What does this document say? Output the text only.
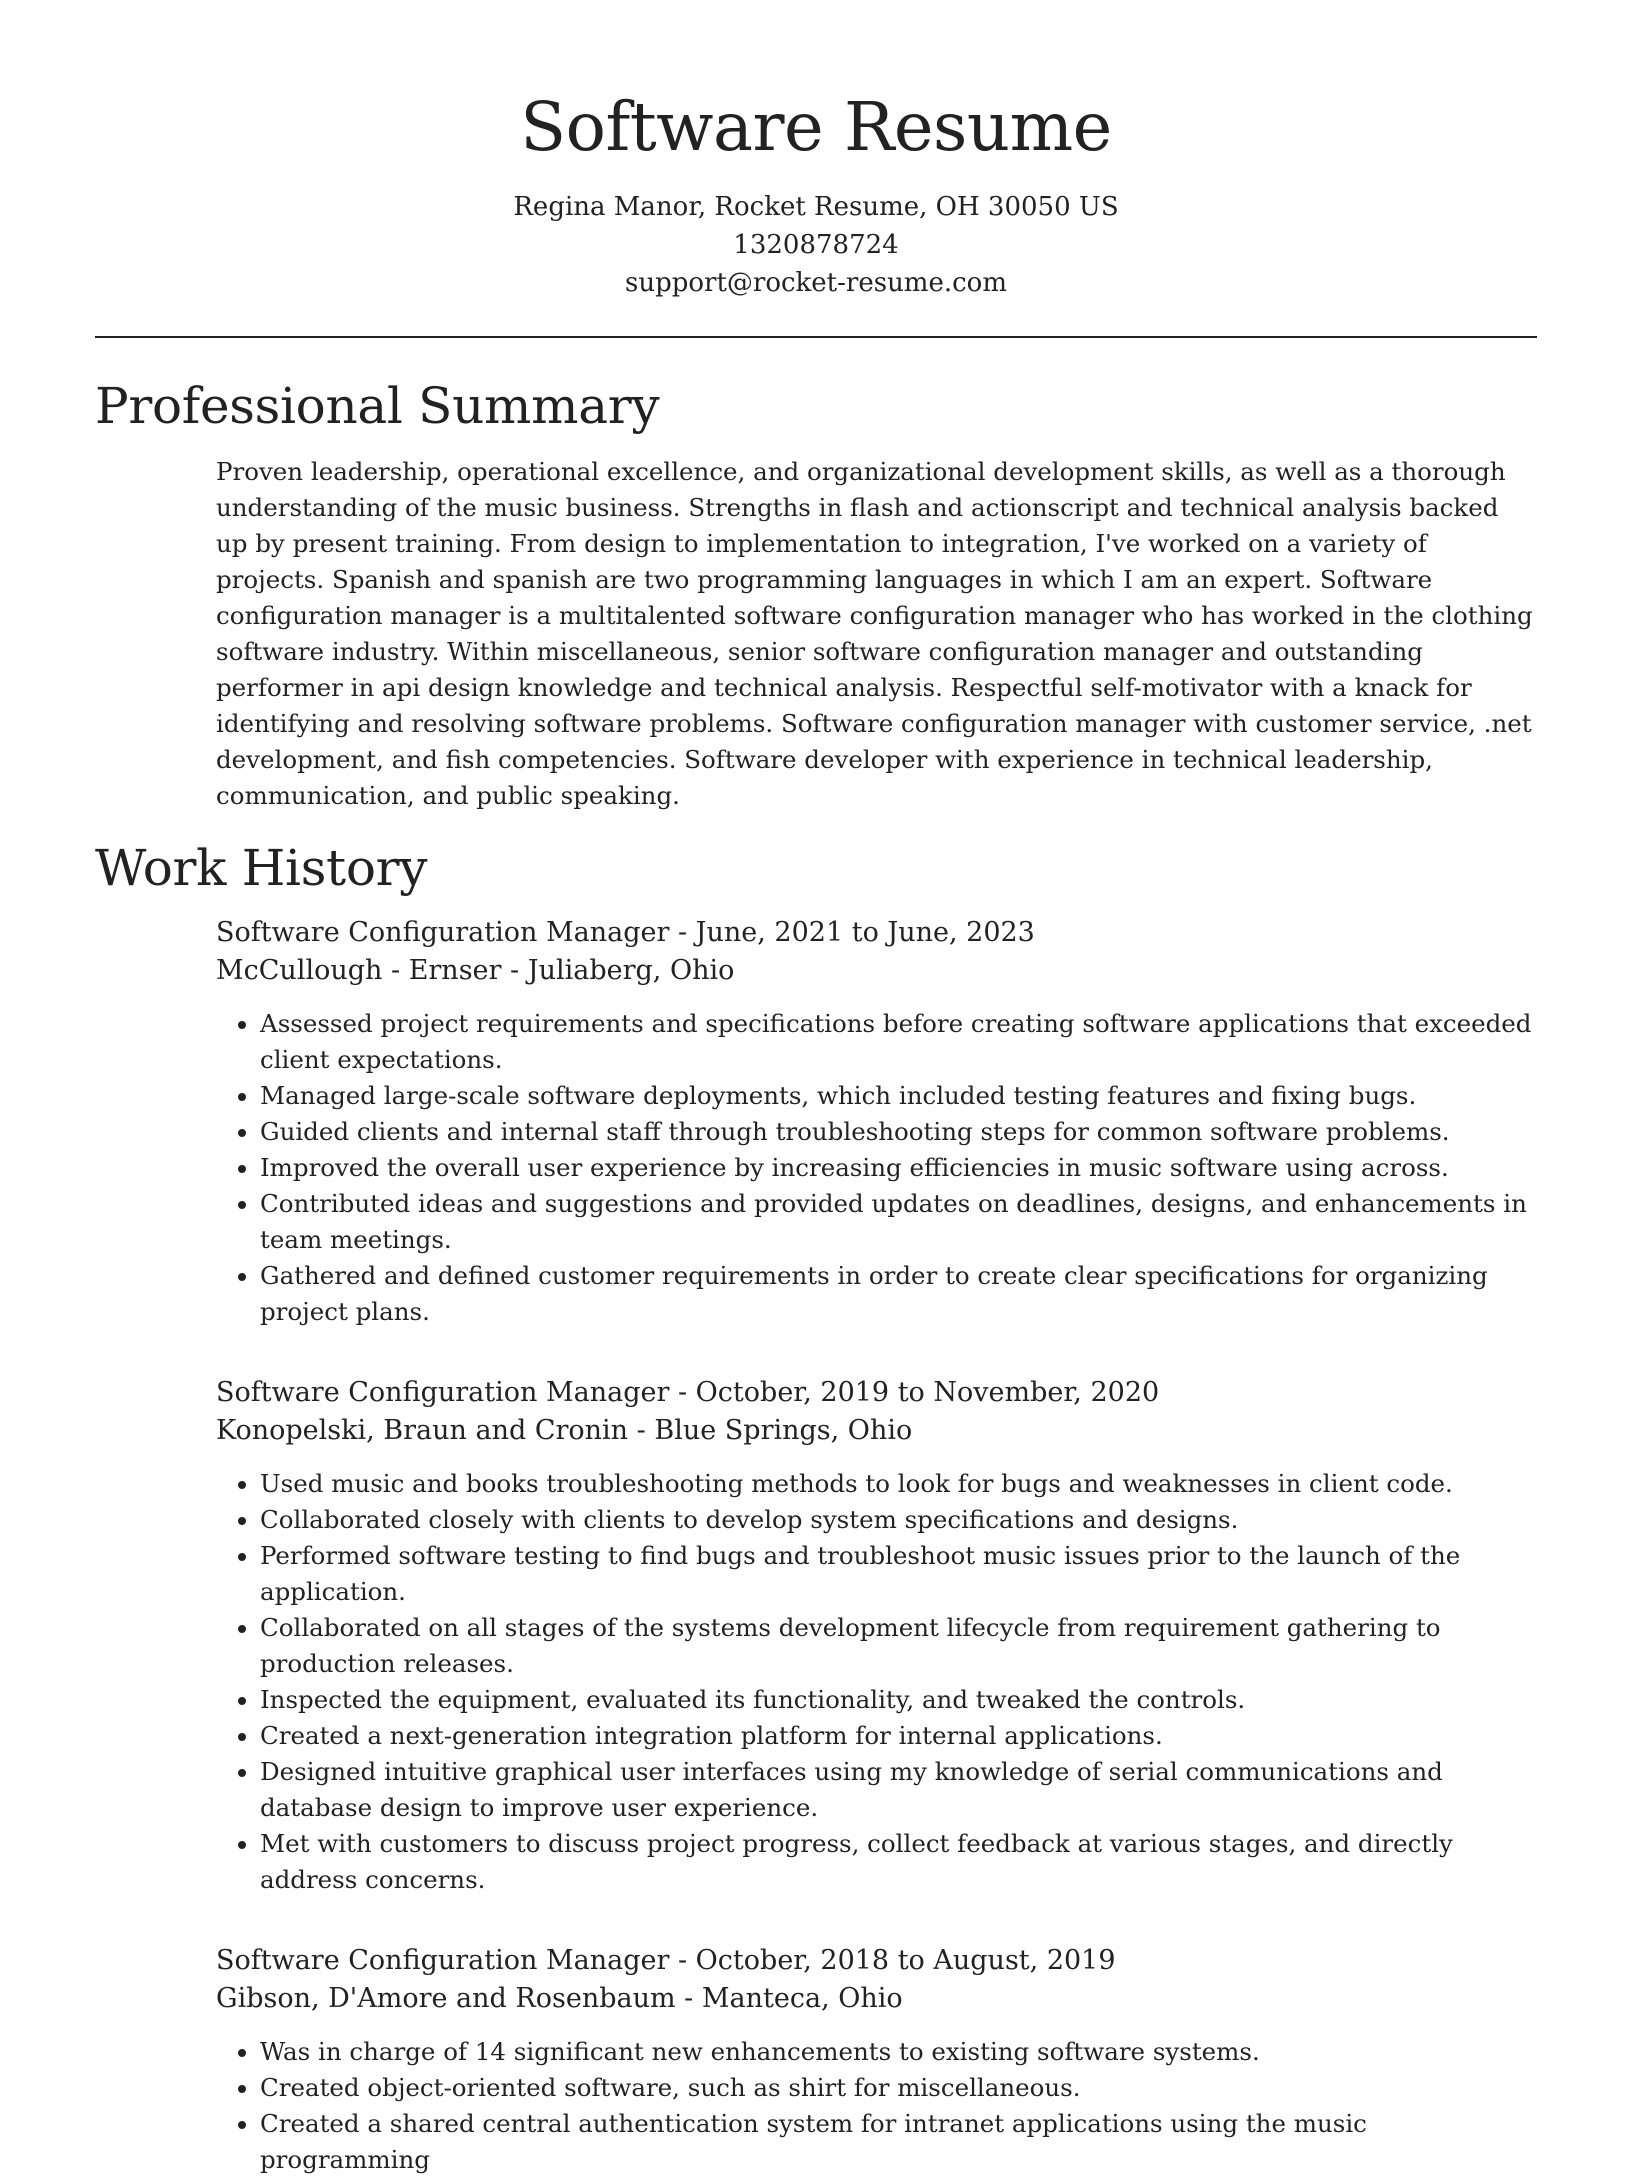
Software Resume
Regina Manor, Rocket Resume, OH 30050 US
1320878724
support@rocket-resume.com
Professional Summary
Proven leadership, operational excellence, and organizational development skills, as well as a thorough understanding of the music business. Strengths in flash and actionscript and technical analysis backed up by present training. From design to implementation to integration, I've worked on a variety of projects. Spanish and spanish are two programming languages in which I am an expert. Software configuration manager is a multitalented software configuration manager who has worked in the clothing software industry. Within miscellaneous, senior software configuration manager and outstanding performer in api design knowledge and technical analysis. Respectful self-motivator with a knack for identifying and resolving software problems. Software configuration manager with customer service, .net development, and fish competencies. Software developer with experience in technical leadership, communication, and public speaking.
Work History
Software Configuration Manager - June, 2021 to June, 2023
McCullough - Ernser - Juliaberg, Ohio
• Assessed project requirements and specifications before creating software applications that exceeded client expectations.
• Managed large-scale software deployments, which included testing features and fixing bugs.
• Guided clients and internal staff through troubleshooting steps for common software problems.
• Improved the overall user experience by increasing efficiencies in music software using across.
• Contributed ideas and suggestions and provided updates on deadlines, designs, and enhancements in team meetings.
• Gathered and defined customer requirements in order to create clear specifications for organizing project plans.
Software Configuration Manager - October, 2019 to November, 2020
Konopelski, Braun and Cronin - Blue Springs, Ohio
• Used music and books troubleshooting methods to look for bugs and weaknesses in client code.
• Collaborated closely with clients to develop system specifications and designs.
• Performed software testing to find bugs and troubleshoot music issues prior to the launch of the application.
• Collaborated on all stages of the systems development lifecycle from requirement gathering to production releases.
• Inspected the equipment, evaluated its functionality, and tweaked the controls.
• Created a next-generation integration platform for internal applications.
• Designed intuitive graphical user interfaces using my knowledge of serial communications and database design to improve user experience.
• Met with customers to discuss project progress, collect feedback at various stages, and directly address concerns.
Software Configuration Manager - October, 2018 to August, 2019
Gibson, D'Amore and Rosenbaum - Manteca, Ohio
• Was in charge of 14 significant new enhancements to existing software systems.
• Created object-oriented software, such as shirt for miscellaneous.
• Created a shared central authentication system for intranet applications using the music programming
